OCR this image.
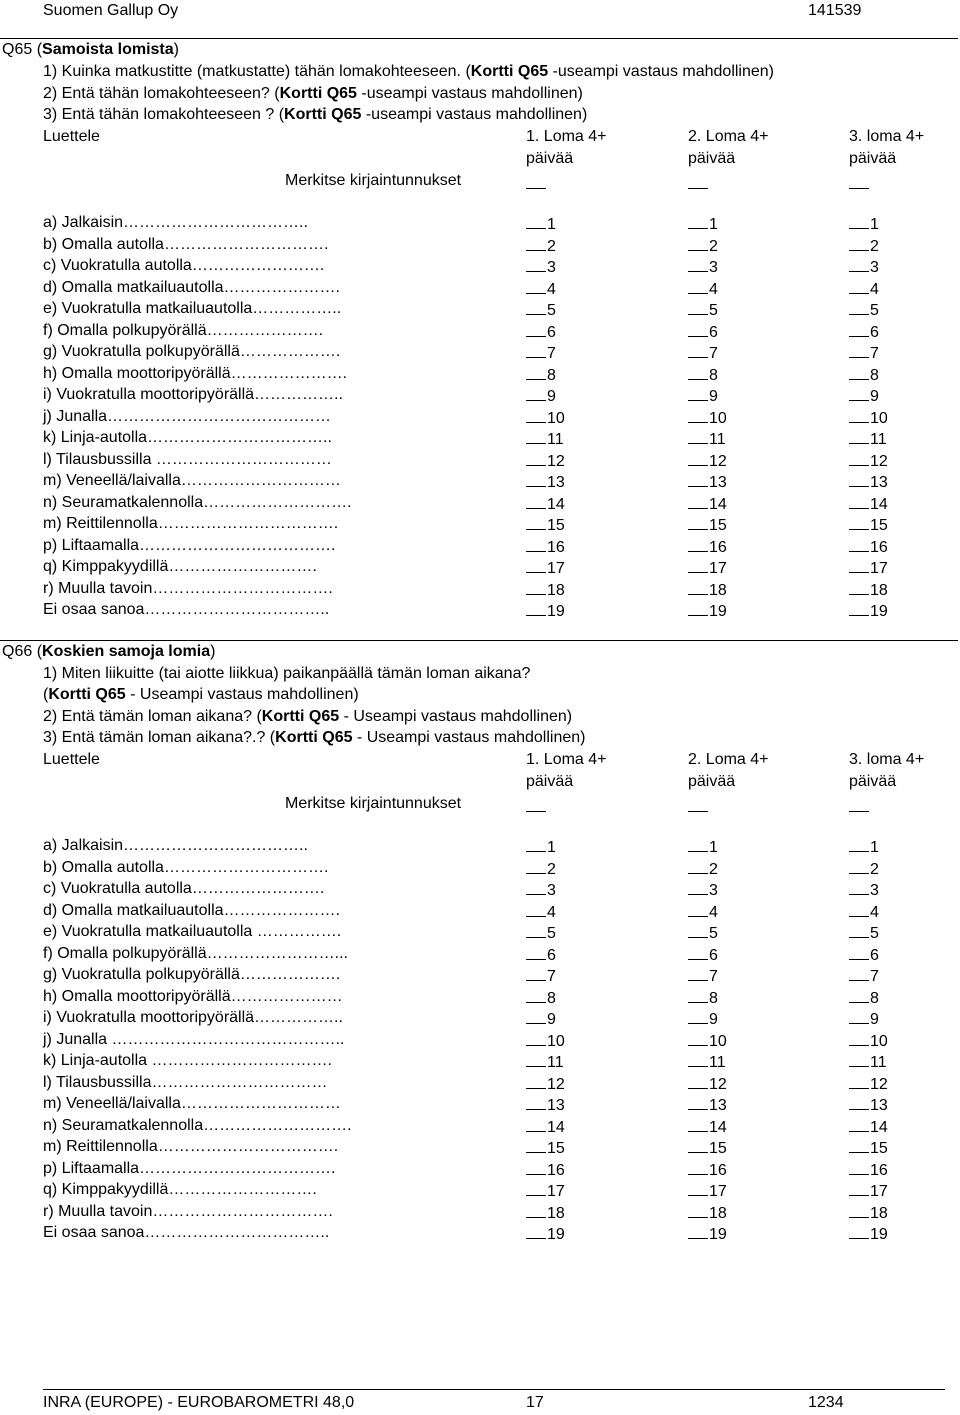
Suomen Gallup Oy	141539
Q65 (Samoista lomista)
1) Kuinka matkustitte (matkustatte) tähän lomakohteeseen. (Kortti Q65 -useampi vastaus mahdollinen)
2) Entä tähän lomakohteeseen? (Kortti Q65 -useampi vastaus mahdollinen)
3) Entä tähän lomakohteeseen ? (Kortti Q65 -useampi vastaus mahdollinen)
Luettele	1. Loma 4+	2. Loma 4+	3. loma 4+
päivää	päivää	päivää
Merkitse kirjaintunnukset
a) Jalkaisin……………………………..	1	1	1
b) Omalla autolla………………………….	2	2	2
c) Vuokratulla autolla…………………….	3	3	3
d) Omalla matkailuautolla………………….	4	4	4
e) Vuokratulla matkailuautolla……………..	5	5	5
f) Omalla polkupyörällä………………….	6	6	6
g) Vuokratulla polkupyörällä……………….	7	7	7
h) Omalla moottoripyörällä………………….	8	8	8
i) Vuokratulla moottoripyörällä……………..	9	9	9
j) Junalla……………………………………	10	10	10
k) Linja-autolla……………………………..	11	11	11
l) Tilausbussilla ……………………………	12	12	12
m) Veneellä/laivalla…………………………	13	13	13
n) Seuramatkalennolla……………………….	14	14	14
m) Reittilennolla…………………………….	15	15	15
p) Liftaamalla……………………………….	16	16	16
q) Kimppakyydillä……………………….	17	17	17
r) Muulla tavoin…………………………….	18	18	18
Ei osaa sanoa……………………………..	19	19	19
Q66 (Koskien samoja lomia)
1) Miten liikuitte (tai aiotte liikkua) paikanpäällä tämän loman aikana?
(Kortti Q65 - Useampi vastaus mahdollinen)
2) Entä tämän loman aikana? (Kortti Q65 - Useampi vastaus mahdollinen)
3) Entä tämän loman aikana?.? (Kortti Q65 - Useampi vastaus mahdollinen)
Luettele	1. Loma 4+	2. Loma 4+	3. loma 4+
päivää	päivää	päivää
Merkitse kirjaintunnukset
a) Jalkaisin……………………………..	1	1	1
b) Omalla autolla………………………….	2	2	2
c) Vuokratulla autolla…………………….	3	3	3
d) Omalla matkailuautolla………………….	4	4	4
e) Vuokratulla matkailuautolla …………….	5	5	5
f) Omalla polkupyörällä……………………...	6	6	6
g) Vuokratulla polkupyörällä……………….	7	7	7
h) Omalla moottoripyörällä…………………	8	8	8
i) Vuokratulla moottoripyörällä……………..	9	9	9
j) Junalla ……………………………………..	10	10	10
k) Linja-autolla …………………………….	11	11	11
l) Tilausbussilla……………………………	12	12	12
m) Veneellä/laivalla…………………………	13	13	13
n) Seuramatkalennolla……………………….	14	14	14
m) Reittilennolla…………………………….	15	15	15
p) Liftaamalla……………………………….	16	16	16
q) Kimppakyydillä……………………….	17	17	17
r) Muulla tavoin…………………………….	18	18	18
Ei osaa sanoa……………………………..	19	19	19
INRA (EUROPE) - EUROBAROMETRI 48,0	17	1234
